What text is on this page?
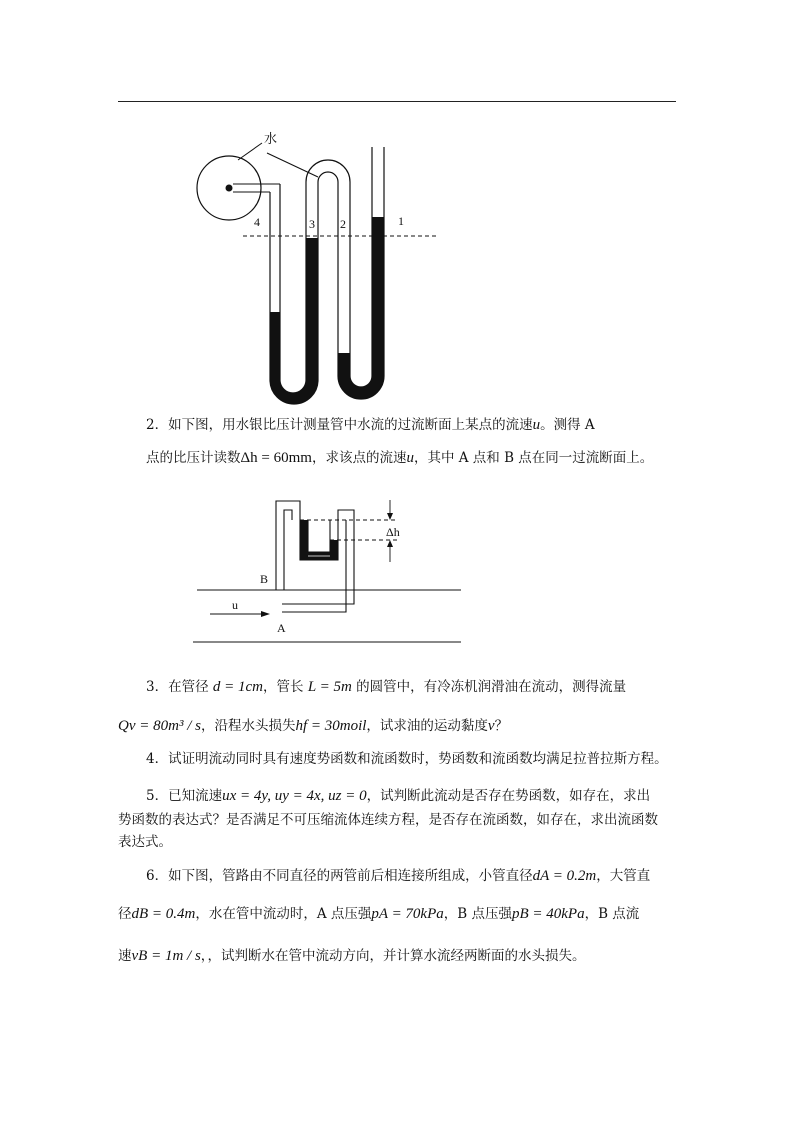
水
4	3 2	1
2．如下图，用水银比压计测量管中水流的过流断面上某点的流速u。测得 A
点的比压计读数Δh = 60mm，求该点的流速u，其中 A 点和 B 点在同一过流断面上。
u
B
A
Δh
3．在管径 d = 1cm，管长 L = 5m 的圆管中，有冷冻机润滑油在流动，测得流量
Qv = 80m³ / s，沿程水头损失hf = 30moil，试求油的运动黏度ν？
4．试证明流动同时具有速度势函数和流函数时，势函数和流函数均满足拉普拉斯方程。
5．已知流速ux = 4y, uy = 4x, uz = 0，试判断此流动是否存在势函数，如存在，求出
势函数的表达式？是否满足不可压缩流体连续方程，是否存在流函数，如存在，求出流函数
表达式。
6．如下图，管路由不同直径的两管前后相连接所组成，小管直径dA = 0.2m，大管直
径dB = 0.4m，水在管中流动时，A 点压强pA = 70kPa，B 点压强pB = 40kPa，B 点流
速vB = 1m / s，，试判断水在管中流动方向，并计算水流经两断面的水头损失。
